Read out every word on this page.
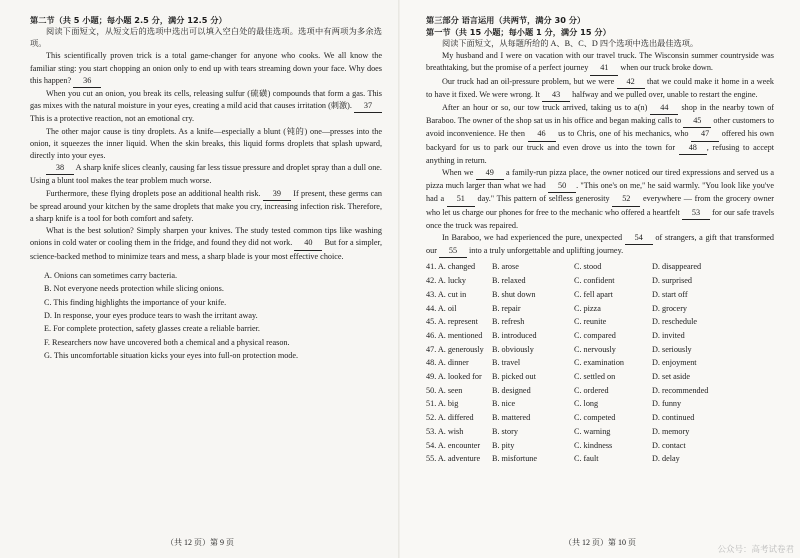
第二节（共 5 小题；每小题 2.5 分，满分 12.5 分）

阅读下面短文，从短文后的选项中选出可以填入空白处的最佳选项。选项中有两项为多余选项。

This scientifically proven trick is a total game-changer for anyone who cooks. We all know the familiar sting: you start chopping an onion only to end up with tears streaming down your face. Why does this happen? 36

When you cut an onion, you break its cells, releasing sulfur (硫磺) compounds that form a gas. This gas mixes with the natural moisture in your eyes, creating a mild acid that causes irritation (刺激). 37 This is a protective reaction, not an emotional cry.

The other major cause is tiny droplets. As a knife—especially a blunt (钝的) one—presses into the onion, it squeezes the inner liquid. When the skin breaks, this liquid forms droplets that splash upward, directly into your eyes.

38 A sharp knife slices cleanly, causing far less tissue pressure and droplet spray than a dull one. Using a blunt tool makes the tear problem much worse.

Furthermore, these flying droplets pose an additional health risk. 39 If present, these germs can be spread around your kitchen by the same droplets that make you cry, increasing infection risk. Therefore, a sharp knife is a tool for both comfort and safety.

What is the best solution? Simply sharpen your knives. The study tested common tips like washing onions in cold water or cooling them in the fridge, and found they did not work. 40 But for a simpler, science-backed method to minimize tears and mess, a sharp blade is your most effective choice.

A. Onions can sometimes carry bacteria.

B. Not everyone needs protection while slicing onions.

C. This finding highlights the importance of your knife.

D. In response, your eyes produce tears to wash the irritant away.

E. For complete protection, safety glasses create a reliable barrier.

F. Researchers now have uncovered both a chemical and a physical reason.

G. This uncomfortable situation kicks your eyes into full-on protection mode.

（共 12 页）第 9 页

第三部分 语言运用（共两节，满分 30 分）

第一节（共 15 小题；每小题 1 分，满分 15 分）

阅读下面短文，从每题所给的 A、B、C、D 四个选项中选出最佳选项。

My husband and I were on vacation with our travel truck. The Wisconsin summer countryside was breathtaking, but the promise of a perfect journey 41 when our truck broke down.

Our truck had an oil-pressure problem, but we were 42 that we could make it home in a week to have it fixed. We were wrong. It 43 halfway and we pulled over, unable to restart the engine.

After an hour or so, our tow truck arrived, taking us to a(n) 44 shop in the nearby town of Baraboo. The owner of the shop sat us in his office and began making calls to 45 other customers to avoid inconvenience. He then 46 us to Chris, one of his mechanics, who 47 offered his own backyard for us to park our truck and even drove us into the town for 48 , refusing to accept anything in return.

When we 49 a family-run pizza place, the owner noticed our tired expressions and served us a pizza much larger than what we had 50 . "This one's on me," he said warmly. "You look like you've had a 51 day." This pattern of selfless generosity 52 everywhere — from the grocery owner who let us charge our phones for free to the mechanic who offered a heartfelt 53 for our safe travels once the truck was repaired.

In Baraboo, we had experienced the pure, unexpected 54 of strangers, a gift that transformed our 55 into a truly unforgettable and uplifting journey.

41. A. changed	B. arose	C. stood	D. disappeared
42. A. lucky	B. relaxed	C. confident	D. surprised
43. A. cut in	B. shut down	C. fell apart	D. start off
44. A. oil	B. repair	C. pizza	D. grocery
45. A. represent	B. refresh	C. reunite	D. reschedule
46. A. mentioned	B. introduced	C. compared	D. invited
47. A. generously	B. obviously	C. nervously	D. seriously
48. A. dinner	B. travel	C. examination	D. enjoyment
49. A. looked for	B. picked out	C. settled on	D. set aside
50. A. seen	B. designed	C. ordered	D. recommended
51. A. big	B. nice	C. long	D. funny
52. A. differed	B. mattered	C. competed	D. continued
53. A. wish	B. story	C. warning	D. memory
54. A. encounter	B. pity	C. kindness	D. contact
55. A. adventure	B. misfortune	C. fault	D. delay
（共 12 页）第 10 页
公众号：高考试卷君
